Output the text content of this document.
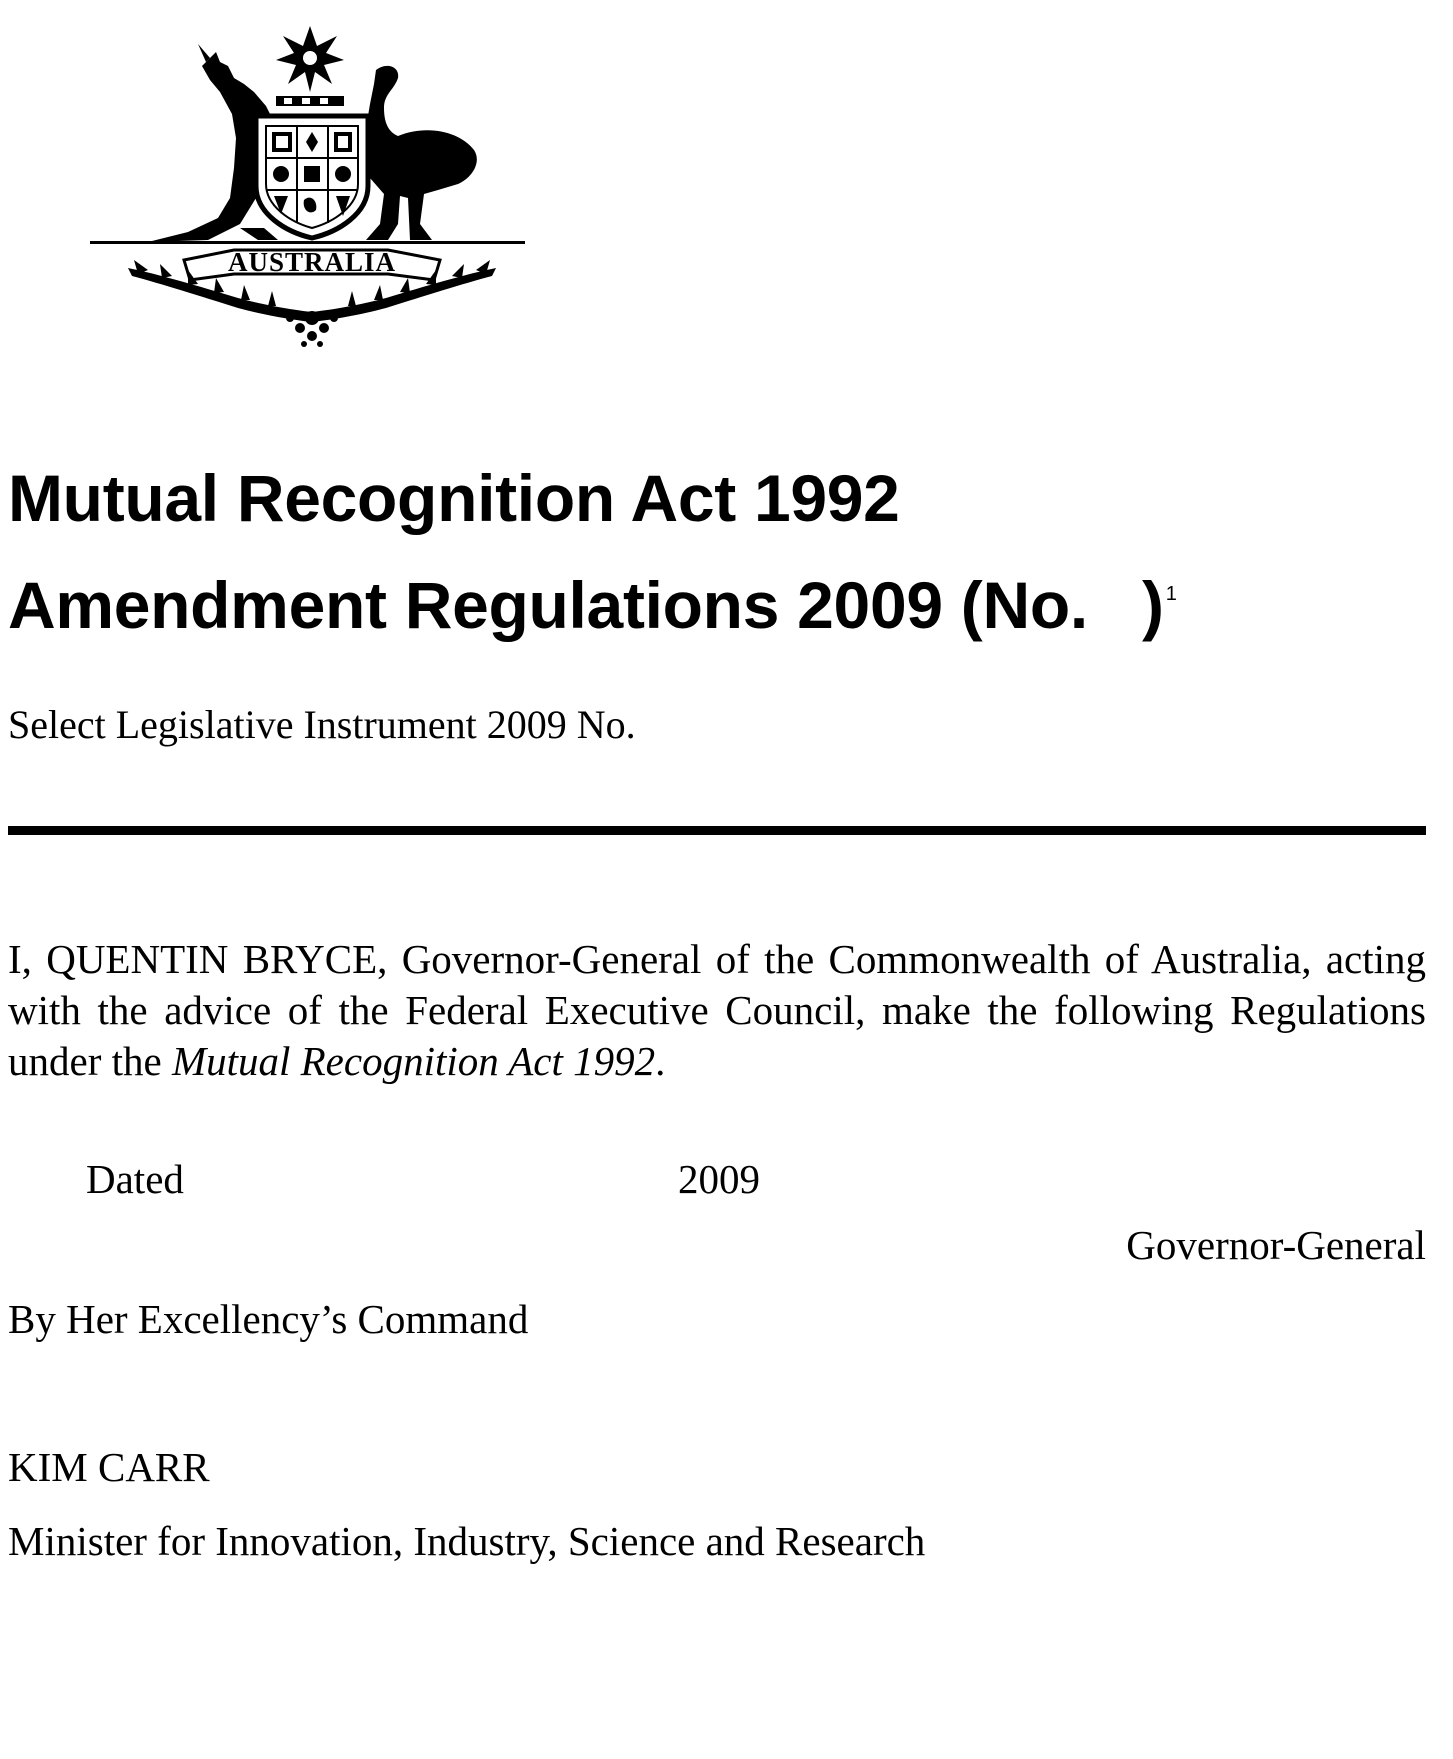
AUSTRALIA
Mutual Recognition Act 1992
Amendment Regulations 2009 (No.   ) $^1$
Select Legislative Instrument 2009 No.
I, QUENTIN BRYCE, Governor-General of the Commonwealth of Australia, acting with the advice of the Federal Executive Council, make the following Regulations under the Mutual Recognition Act 1992.
Dated	2009
Governor-General
By Her Excellency’s Command
KIM CARR
Minister for Innovation, Industry, Science and Research
